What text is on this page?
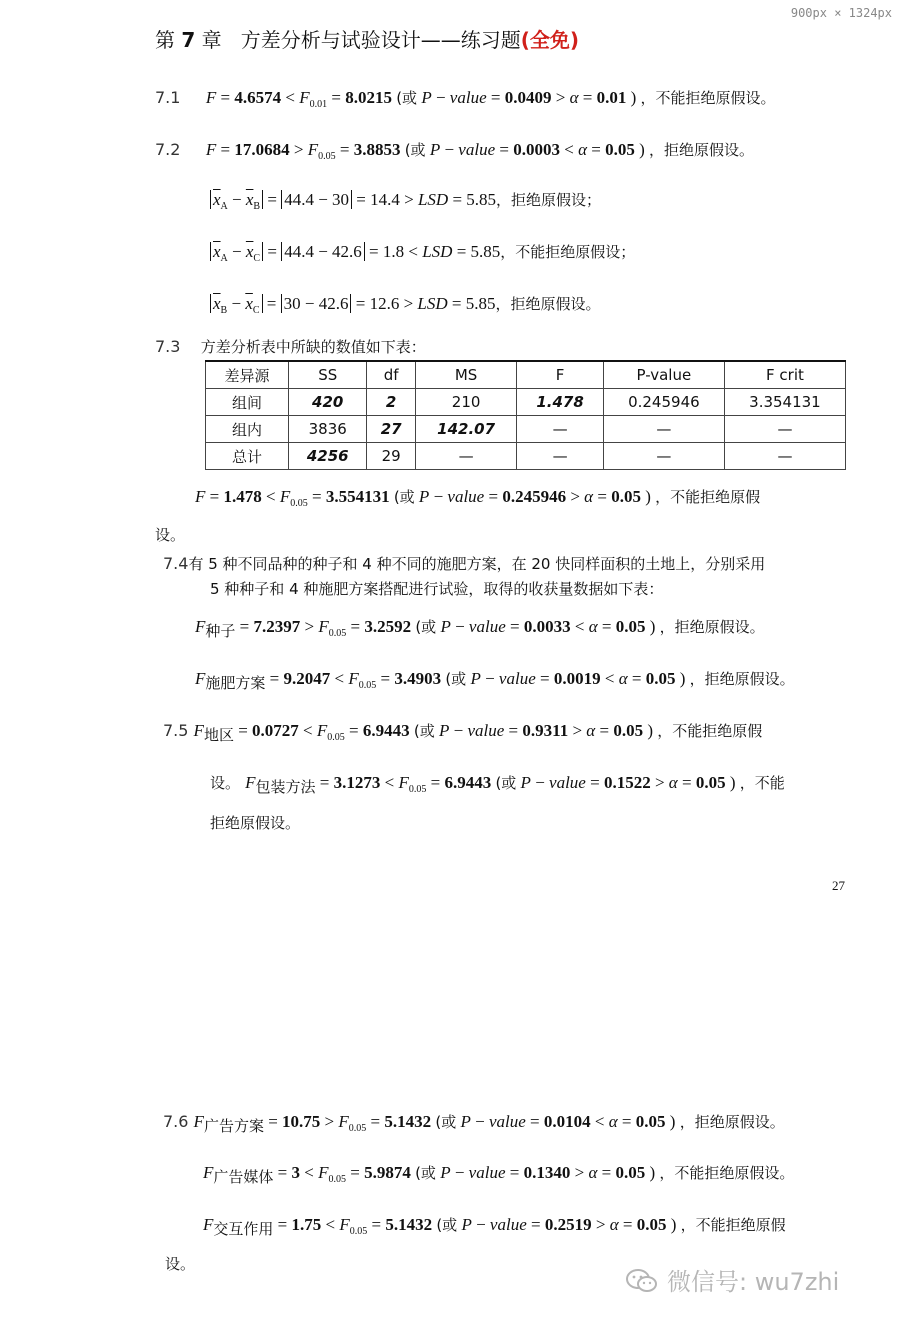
900px × 1324px
第 7 章 方差分析与试验设计——练习题(全免)
7.1 $F = 4.6574 < F_{0.01} = 8.0215$ (或 P − value = 0.0409 > α = 0.01 ) ，不能拒绝原假设。
7.2 $F = 17.0684 > F_{0.05} = 3.8853$ (或 P − value = 0.0003 < α = 0.05 ) ，拒绝原假设。
$\overline{x}_A - \overline{x}_B = 44.4 - 30 = 14.4$ > LSD = 5.85，拒绝原假设；
$\overline{x}_A - \overline{x}_C = 44.4 - 42.6 = 1.8$ < LSD = 5.85，不能拒绝原假设；
$\overline{x}_B - \overline{x}_C = 30 - 42.6 = 12.6$ > LSD = 5.85，拒绝原假设。
7.3 方差分析表中所缺的数值如下表：
差异源	SS	df	MS	F	P-value	F crit
组间	420	2	210	1.478	0.245946	3.354131
组内	3836	27	142.07	—	—	—
总计	4256	29	—	—	—	—
$F = 1.478 < F_{0.05} = 3.554131$ (或 P − value = 0.245946 > α = 0.05 ) ，不能拒绝原假
设。
7.4有 5 种不同品种的种子和 4 种不同的施肥方案，在 20 快同样面积的土地上，分别采用
5 种种子和 4 种施肥方案搭配进行试验，取得的收获量数据如下表：
$F_{种子} = 7.2397 > F_{0.05} = 3.2592$ (或 P − value = 0.0033 < α = 0.05 ) ，拒绝原假设。
$F_{施肥方案} = 9.2047 < F_{0.05} = 3.4903$ (或 P − value = 0.0019 < α = 0.05 ) ，拒绝原假设。
7.5 $F_{地区} = 0.0727 < F_{0.05} = 6.9443$ (或 P − value = 0.9311 > α = 0.05 ) ，不能拒绝原假
设。 $F_{包装方法} = 3.1273 < F_{0.05} = 6.9443$ (或 P − value = 0.1522 > α = 0.05 ) ，不能
拒绝原假设。
27
7.6 $F_{广告方案} = 10.75 > F_{0.05} = 5.1432$ (或 P − value = 0.0104 < α = 0.05 ) ，拒绝原假设。
$F_{广告媒体} = 3 < F_{0.05} = 5.9874$ (或 P − value = 0.1340 > α = 0.05 ) ，不能拒绝原假设。
$F_{交互作用} = 1.75 < F_{0.05} = 5.1432$ (或 P − value = 0.2519 > α = 0.05 ) ，不能拒绝原假
设。
微信号: wu7zhi
